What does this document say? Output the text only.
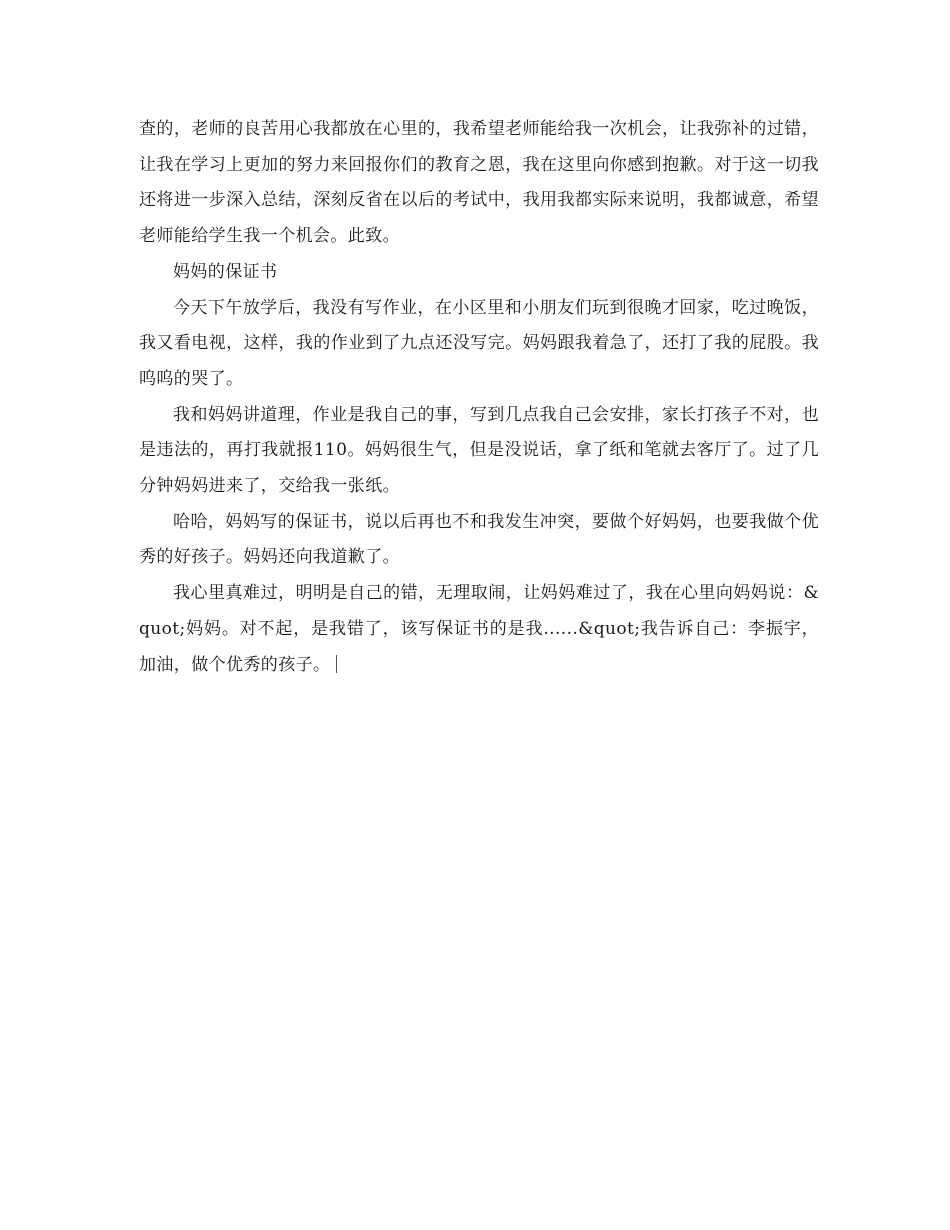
查的，老师的良苦用心我都放在心里的，我希望老师能给我一次机会，让我弥补的过错，让我在学习上更加的努力来回报你们的教育之恩，我在这里向你感到抱歉。对于这一切我还将进一步深入总结，深刻反省在以后的考试中，我用我都实际来说明，我都诚意，希望老师能给学生我一个机会。此致。

妈妈的保证书

今天下午放学后，我没有写作业，在小区里和小朋友们玩到很晚才回家，吃过晚饭，我又看电视，这样，我的作业到了九点还没写完。妈妈跟我着急了，还打了我的屁股。我呜呜的哭了。

我和妈妈讲道理，作业是我自己的事，写到几点我自己会安排，家长打孩子不对，也是违法的，再打我就报110。妈妈很生气，但是没说话，拿了纸和笔就去客厅了。过了几分钟妈妈进来了，交给我一张纸。

哈哈，妈妈写的保证书，说以后再也不和我发生冲突，要做个好妈妈，也要我做个优秀的好孩子。妈妈还向我道歉了。

我心里真难过，明明是自己的错，无理取闹，让妈妈难过了，我在心里向妈妈说：&quot;妈妈。对不起，是我错了，该写保证书的是我......&quot;我告诉自己：李振宇，加油，做个优秀的孩子。
